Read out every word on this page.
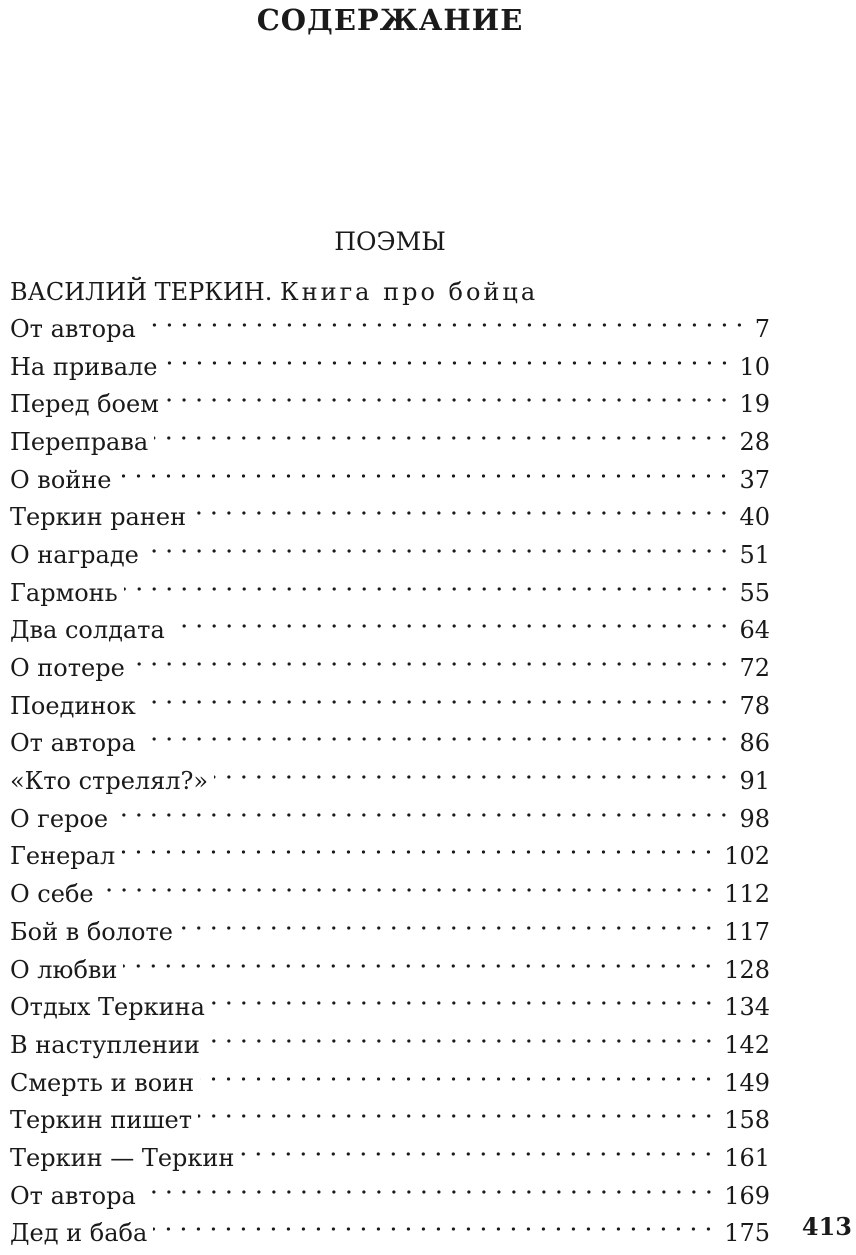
СОДЕРЖАНИЕ
ПОЭМЫ
ВАСИЛИЙ ТЕРКИН. Книга про бойца
От автора	7
На привале	10
Перед боем	19
Переправа	28
О войне	37
Теркин ранен	40
О награде	51
Гармонь	55
Два солдата	64
О потере	72
Поединок	78
От автора	86
«Кто стрелял?»	91
О герое	98
Генерал	102
О себе	112
Бой в болоте	117
О любви	128
Отдых Теркина	134
В наступлении	142
Смерть и воин	149
Теркин пишет	158
Теркин — Теркин	161
От автора	169
Дед и баба	175 413
